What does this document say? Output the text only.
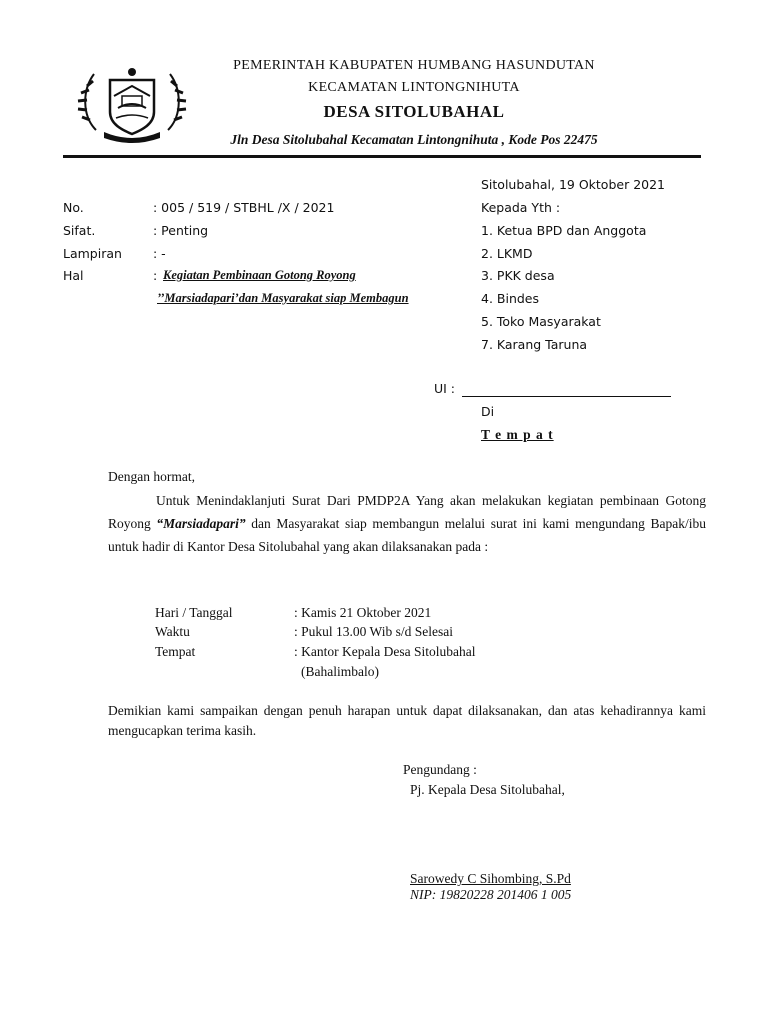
PEMERINTAH KABUPATEN HUMBANG HASUNDUTAN
KECAMATAN LINTONGNIHUTA
DESA SITOLUBAHAL
Jln Desa Sitolubahal Kecamatan Lintongnihuta , Kode Pos 22475
Sitolubahal, 19 Oktober 2021
No.	: 005 / 519 / STBHL /X / 2021
Sifat.	: Penting
Lampiran : -
Hal	: Kegiatan Pembinaan Gotong Royong
’’Marsiadapari’dan Masyarakat siap Membagun
Kepada Yth :
1. Ketua BPD dan Anggota
2. LKMD
3. PKK desa
4. Bindes
5. Toko Masyarakat
7. Karang Taruna
UI :
Di
T e m p a t
Dengan hormat,
Untuk Menindaklanjuti Surat Dari PMDP2A Yang akan melakukan kegiatan pembinaan Gotong Royong “Marsiadapari” dan Masyarakat siap membangun melalui surat ini kami mengundang Bapak/ibu untuk hadir di Kantor Desa Sitolubahal yang akan dilaksanakan pada :
Hari / Tanggal	: Kamis 21 Oktober 2021
Waktu	: Pukul 13.00 Wib s/d Selesai
Tempat	: Kantor Kepala Desa Sitolubahal
(Bahalimbalo)
Demikian kami sampaikan dengan penuh harapan untuk dapat dilaksanakan, dan atas kehadirannya kami mengucapkan terima kasih.
Pengundang :
Pj. Kepala Desa Sitolubahal,
Sarowedy C Sihombing, S.Pd
NIP: 19820228 201406 1 005
